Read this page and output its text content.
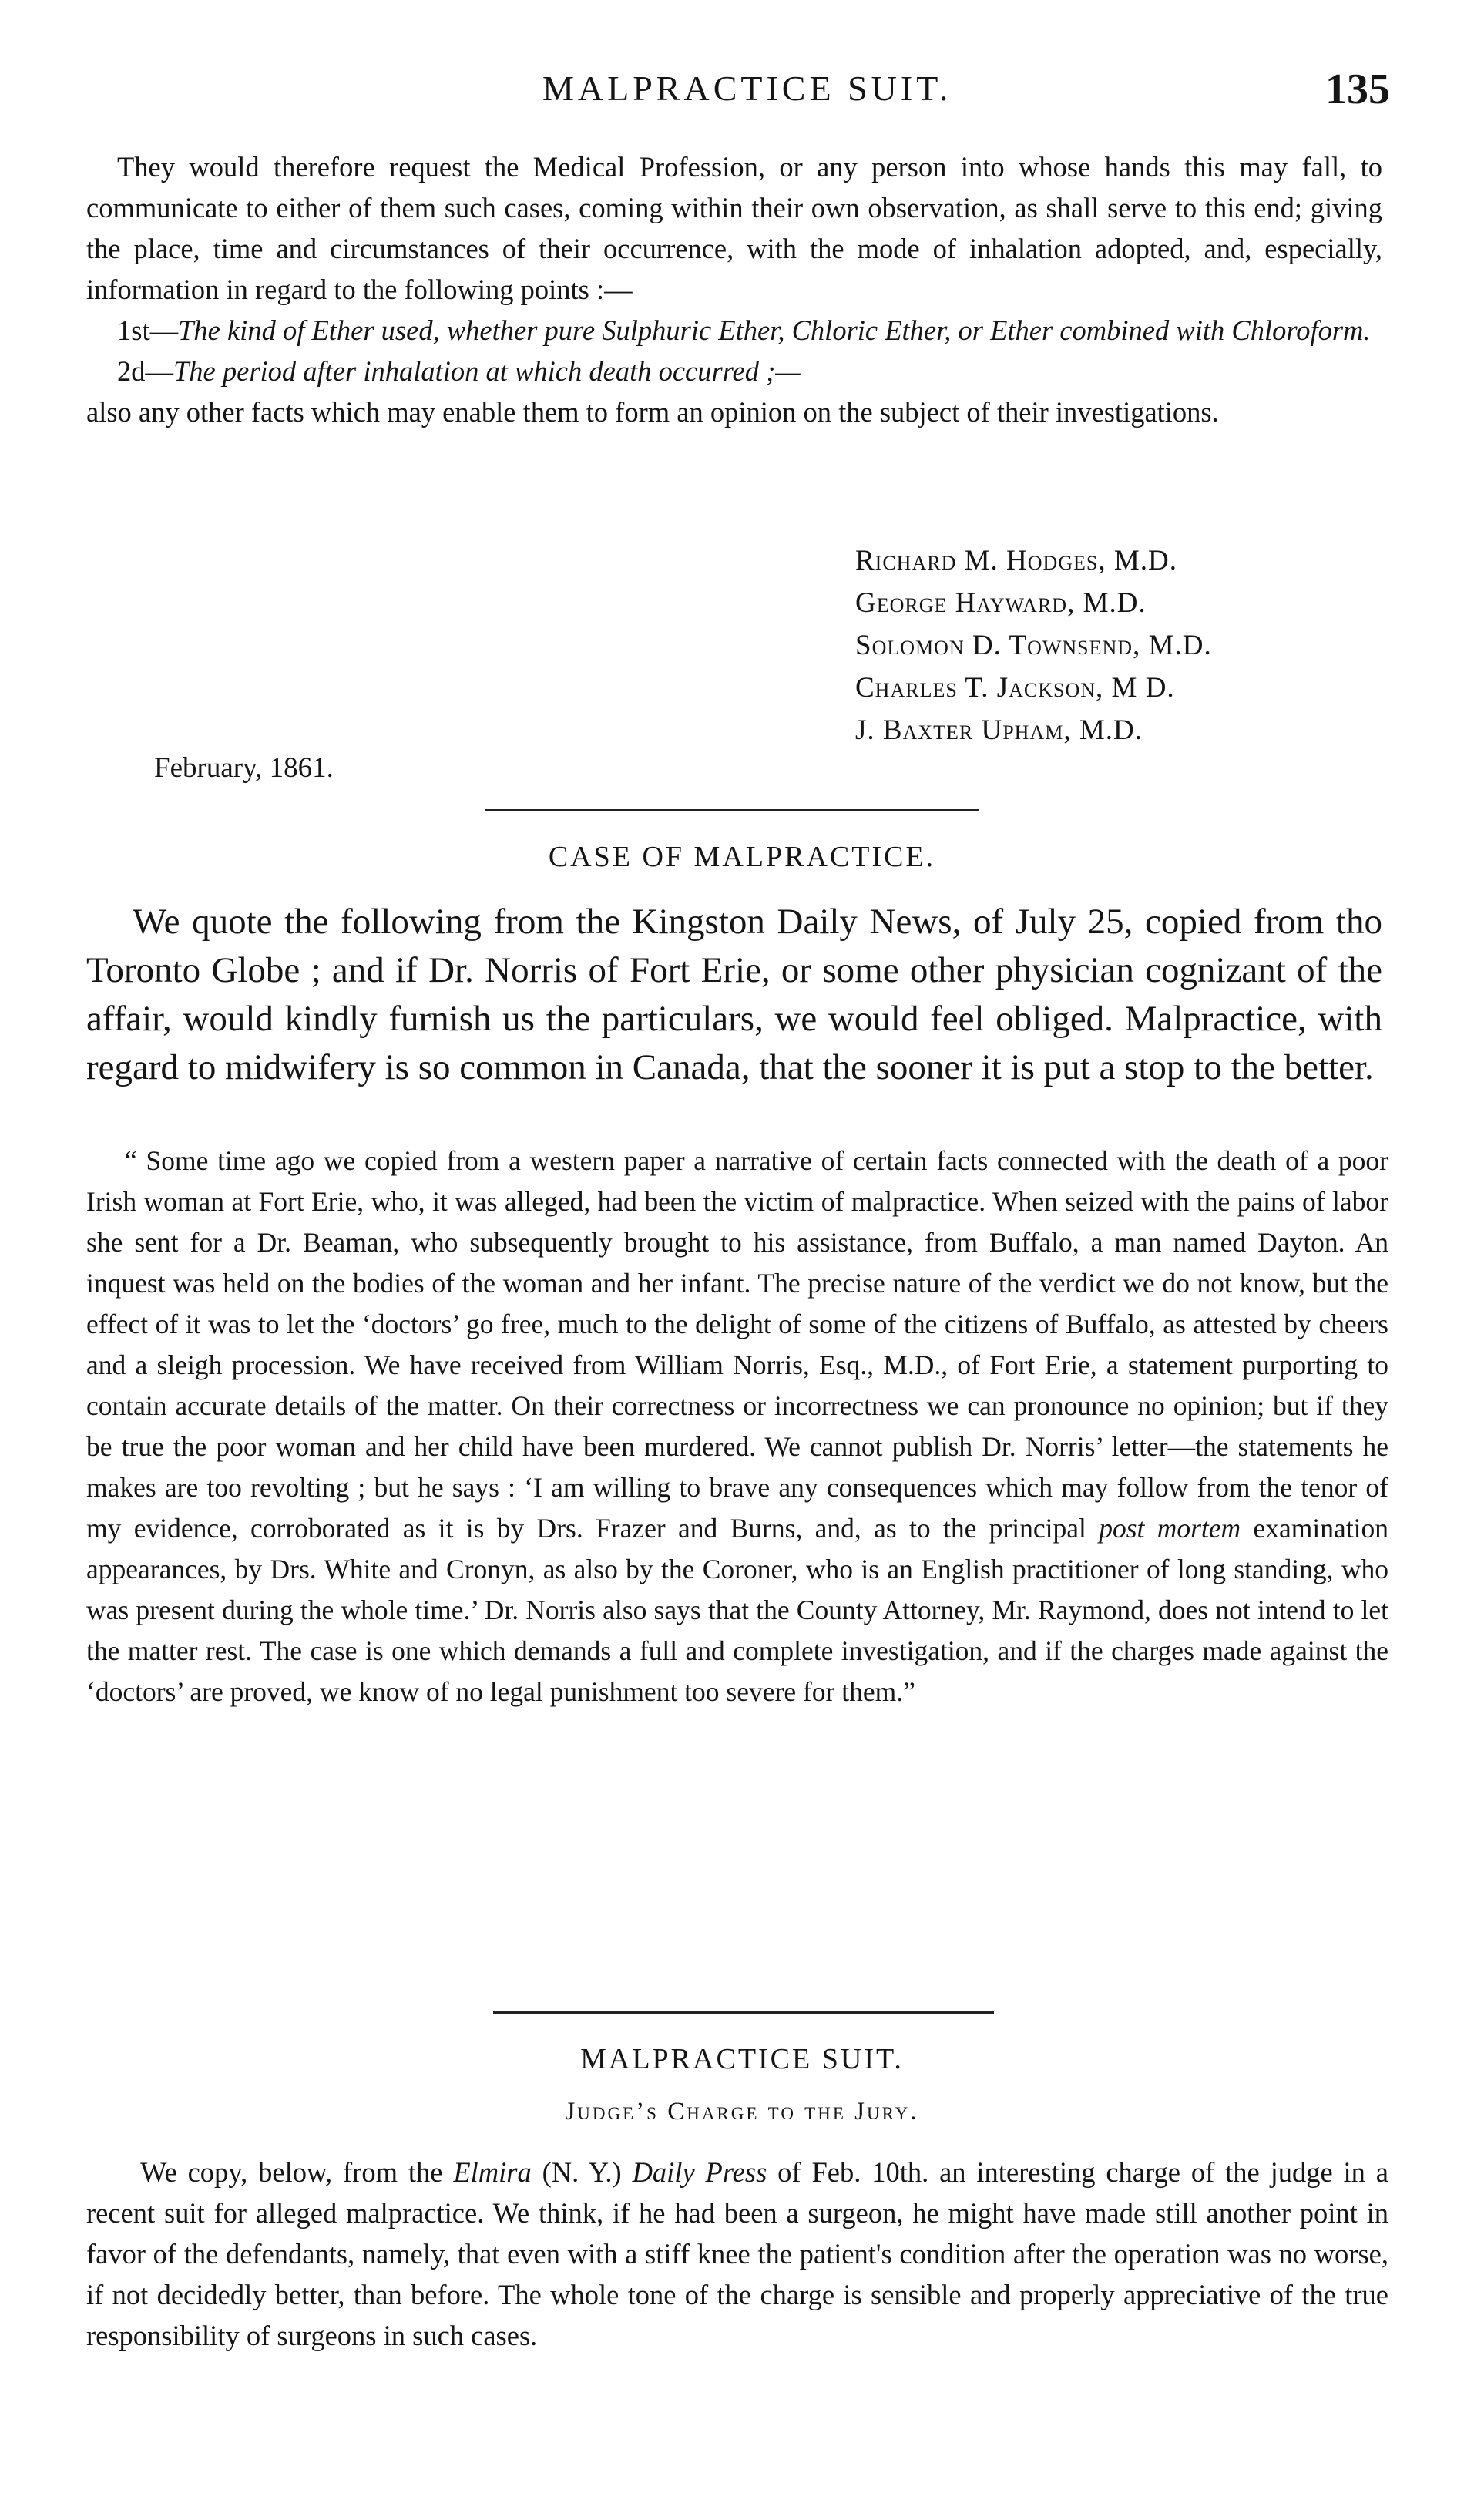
MALPRACTICE SUIT.	135

They would therefore request the Medical Profession, or any person into whose hands this may fall, to communicate to either of them such cases, coming within their own observation, as shall serve to this end; giving the place, time and circumstances of their occurrence, with the mode of inhalation adopted, and, especially, information in regard to the following points :—

1st—The kind of Ether used, whether pure Sulphuric Ether, Chloric Ether, or Ether combined with Chloroform.

2d—The period after inhalation at which death occurred ;—

also any other facts which may enable them to form an opinion on the subject of their investigations.

Richard M. Hodges, M.D.
George Hayward, M.D.
Solomon D. Townsend, M.D.
Charles T. Jackson, M D.
J. Baxter Upham, M.D.
February, 1861.
CASE OF MALPRACTICE.
We quote the following from the Kingston Daily News, of July 25, copied from tho Toronto Globe ; and if Dr. Norris of Fort Erie, or some other physician cognizant of the affair, would kindly furnish us the particulars, we would feel obliged. Malpractice, with regard to midwifery is so common in Canada, that the sooner it is put a stop to the better.
“ Some time ago we copied from a western paper a narrative of certain facts connected with the death of a poor Irish woman at Fort Erie, who, it was alleged, had been the victim of malpractice. When seized with the pains of labor she sent for a Dr. Beaman, who subsequently brought to his assistance, from Buffalo, a man named Dayton. An inquest was held on the bodies of the woman and her infant. The precise nature of the verdict we do not know, but the effect of it was to let the ‘doctors’ go free, much to the delight of some of the citizens of Buffalo, as attested by cheers and a sleigh procession. We have received from William Norris, Esq., M.D., of Fort Erie, a statement purporting to contain accurate details of the matter. On their correctness or incorrectness we can pronounce no opinion; but if they be true the poor woman and her child have been murdered. We cannot publish Dr. Norris’ letter—the statements he makes are too revolting ; but he says : ‘I am willing to brave any consequences which may follow from the tenor of my evidence, corroborated as it is by Drs. Frazer and Burns, and, as to the principal post mortem examination appearances, by Drs. White and Cronyn, as also by the Coroner, who is an English practitioner of long standing, who was present during the whole time.’ Dr. Norris also says that the County Attorney, Mr. Raymond, does not intend to let the matter rest. The case is one which demands a full and complete investigation, and if the charges made against the ‘doctors’ are proved, we know of no legal punishment too severe for them.”
MALPRACTICE SUIT.
Judge’s Charge to the Jury.
We copy, below, from the Elmira (N. Y.) Daily Press of Feb. 10th. an interesting charge of the judge in a recent suit for alleged malpractice. We think, if he had been a surgeon, he might have made still another point in favor of the defendants, namely, that even with a stiff knee the patient's condition after the operation was no worse, if not decidedly better, than before. The whole tone of the charge is sensible and properly appreciative of the true responsibility of surgeons in such cases.
